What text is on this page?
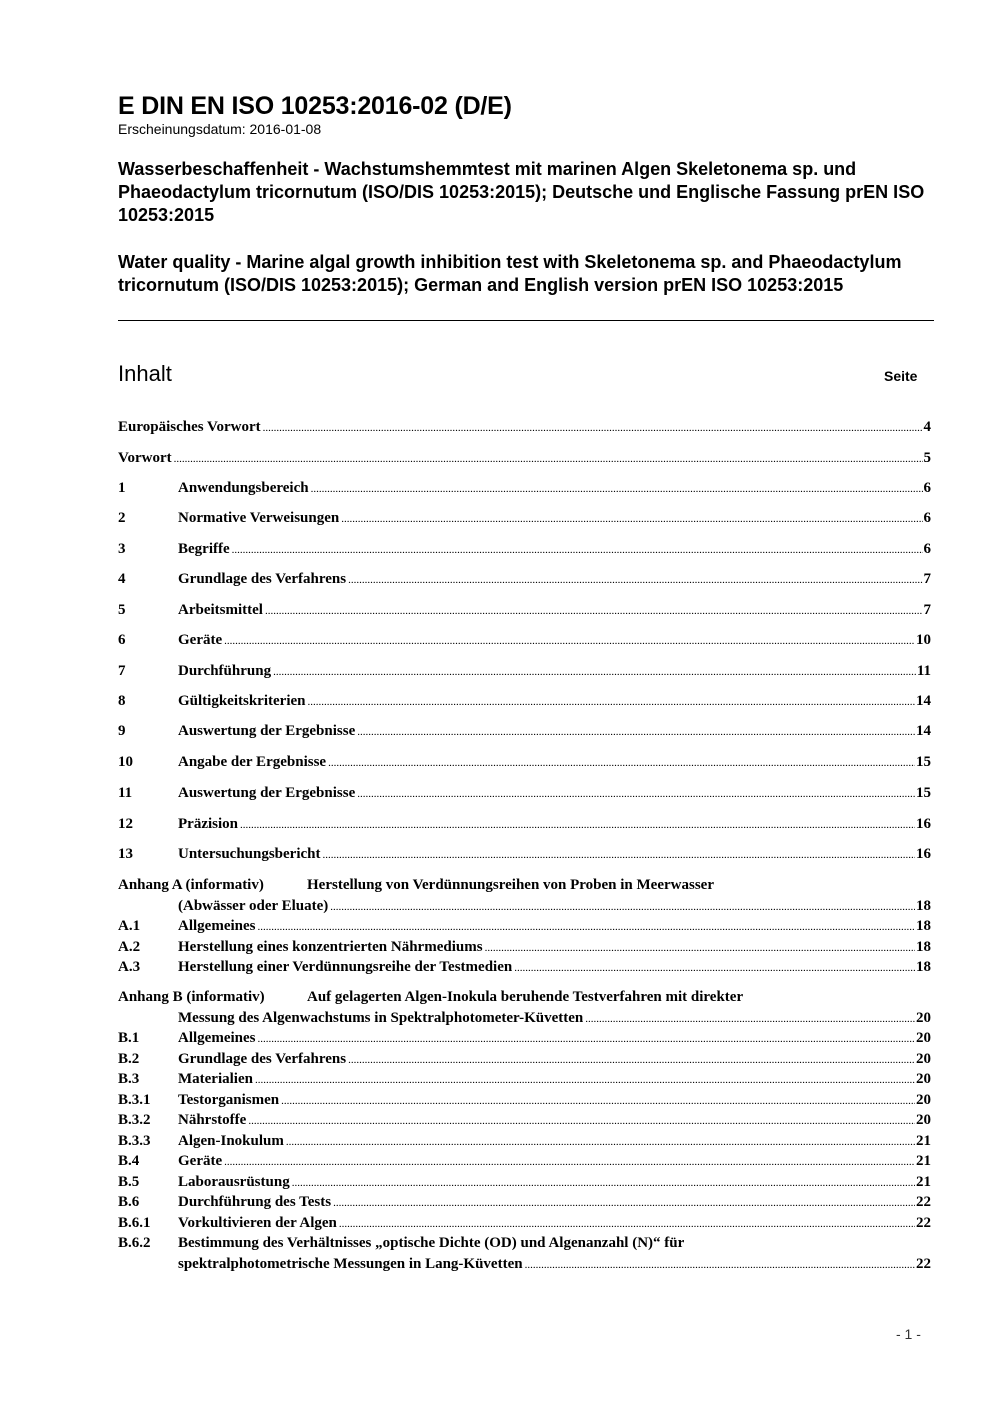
E DIN EN ISO 10253:2016-02 (D/E)
Erscheinungsdatum: 2016-01-08
Wasserbeschaffenheit - Wachstumshemmtest mit marinen Algen Skeletonema sp. und Phaeodactylum tricornutum (ISO/DIS 10253:2015); Deutsche und Englische Fassung prEN ISO 10253:2015
Water quality - Marine algal growth inhibition test with Skeletonema sp. and Phaeodactylum tricornutum (ISO/DIS 10253:2015); German and English version prEN ISO 10253:2015
Inhalt	Seite
Europäisches Vorwort .....	4
Vorwort .....	5
1	Anwendungsbereich .....	6
2	Normative Verweisungen .....	6
3	Begriffe .....	6
4	Grundlage des Verfahrens .....	7
5	Arbeitsmittel .....	7
6	Geräte .....	10
7	Durchführung .....	11
8	Gültigkeitskriterien .....	14
9	Auswertung der Ergebnisse .....	14
10	Angabe der Ergebnisse .....	15
11	Auswertung der Ergebnisse .....	15
12	Präzision .....	16
13	Untersuchungsbericht .....	16
Anhang A (informativ)	Herstellung von Verdünnungsreihen von Proben in Meerwasser
(Abwässer oder Eluate) .....	18
A.1	Allgemeines .....	18
A.2	Herstellung eines konzentrierten Nährmediums .....	18
A.3	Herstellung einer Verdünnungsreihe der Testmedien .....	18
Anhang B (informativ)	Auf gelagerten Algen-Inokula beruhende Testverfahren mit direkter
Messung des Algenwachstums in Spektralphotometer-Küvetten .....	20
B.1	Allgemeines .....	20
B.2	Grundlage des Verfahrens .....	20
B.3	Materialien .....	20
B.3.1 Testorganismen .....	20
B.3.2 Nährstoffe .....	20
B.3.3 Algen-Inokulum .....	21
B.4	Geräte .....	21
B.5	Laborausrüstung .....	21
B.6	Durchführung des Tests .....	22
B.6.1 Vorkultivieren der Algen .....	22
B.6.2 Bestimmung des Verhältnisses „optische Dichte (OD) und Algenanzahl (N)“ für
spektralphotometrische Messungen in Lang-Küvetten .....	22
- 1 -
